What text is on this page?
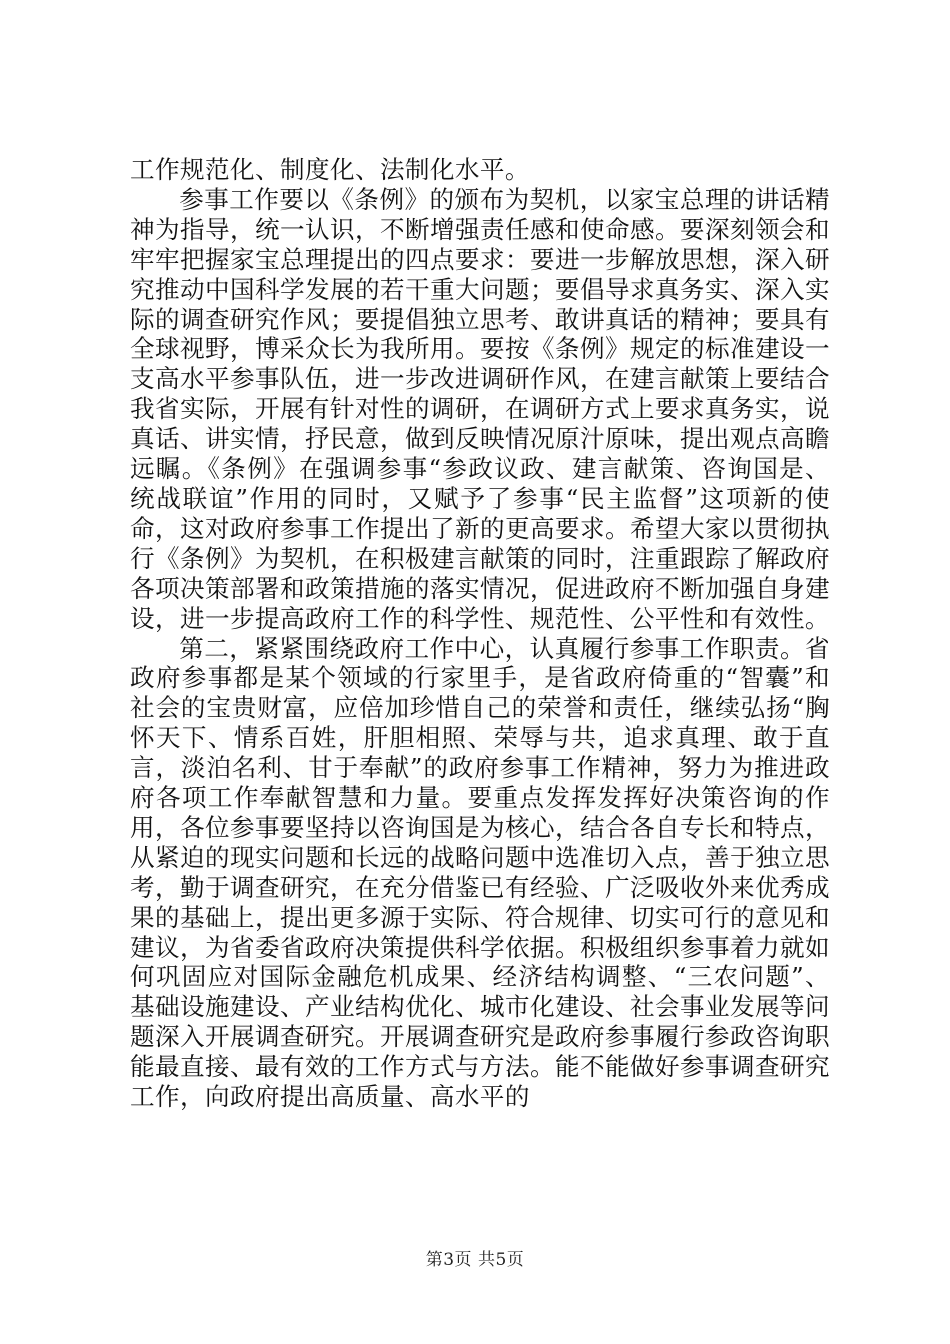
工作规范化、制度化、法制化水平。

参事工作要以《条例》的颁布为契机，以家宝总理的讲话精神为指导，统一认识，不断增强责任感和使命感。要深刻领会和牢牢把握家宝总理提出的四点要求：要进一步解放思想，深入研究推动中国科学发展的若干重大问题；要倡导求真务实、深入实际的调查研究作风；要提倡独立思考、敢讲真话的精神；要具有全球视野，博采众长为我所用。要按《条例》规定的标准建设一支高水平参事队伍，进一步改进调研作风，在建言献策上要结合我省实际，开展有针对性的调研，在调研方式上要求真务实，说真话、讲实情，抒民意，做到反映情况原汁原味，提出观点高瞻远瞩。《条例》在强调参事“参政议政、建言献策、咨询国是、统战联谊”作用的同时，又赋予了参事“民主监督”这项新的使命，这对政府参事工作提出了新的更高要求。希望大家以贯彻执行《条例》为契机，在积极建言献策的同时，注重跟踪了解政府各项决策部署和政策措施的落实情况，促进政府不断加强自身建设，进一步提高政府工作的科学性、规范性、公平性和有效性。

第二，紧紧围绕政府工作中心，认真履行参事工作职责。省政府参事都是某个领域的行家里手，是省政府倚重的“智囊”和社会的宝贵财富，应倍加珍惜自己的荣誉和责任，继续弘扬“胸怀天下、情系百姓，肝胆相照、荣辱与共，追求真理、敢于直言，淡泊名利、甘于奉献”的政府参事工作精神，努力为推进政府各项工作奉献智慧和力量。要重点发挥发挥好决策咨询的作用，各位参事要坚持以咨询国是为核心，结合各自专长和特点，从紧迫的现实问题和长远的战略问题中选准切入点，善于独立思考，勤于调查研究，在充分借鉴已有经验、广泛吸收外来优秀成果的基础上，提出更多源于实际、符合规律、切实可行的意见和建议，为省委省政府决策提供科学依据。积极组织参事着力就如何巩固应对国际金融危机成果、经济结构调整、“三农问题”、基础设施建设、产业结构优化、城市化建设、社会事业发展等问题深入开展调查研究。开展调查研究是政府参事履行参政咨询职能最直接、最有效的工作方式与方法。能不能做好参事调查研究工作，向政府提出高质量、高水平的

第3页 共5页
